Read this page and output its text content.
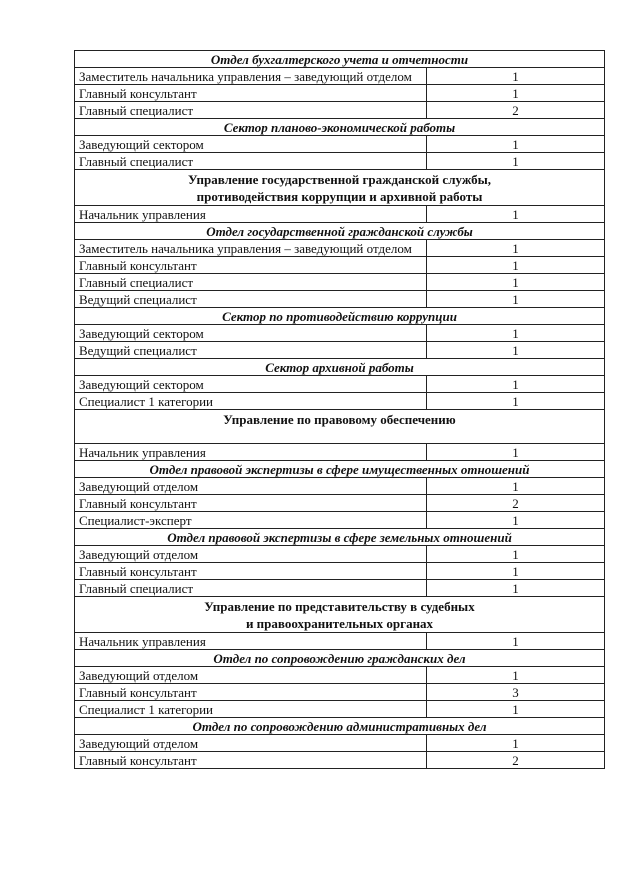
Отдел бухгалтерского учета и отчетности	
Заместитель начальника управления – заведующий отделом	1
Главный консультант	1
Главный специалист	2
Сектор планово-экономической работы	
Заведующий сектором	1
Главный специалист	1

Управление государственной гражданской службы,
противодействия коррупции и архивной работы	

Начальник управления	1
Отдел государственной гражданской службы	
Заместитель начальника управления – заведующий отделом	1
Главный консультант	1
Главный специалист	1
Ведущий специалист	1
Сектор по противодействию коррупции	
Заведующий сектором	1
Ведущий специалист	1
Сектор архивной работы	
Заведующий сектором	1
Специалист 1 категории	1

Управление по правовому обеспечению	

Начальник управления	1
Отдел правовой экспертизы в сфере имущественных отношений	
Заведующий отделом	1
Главный консультант	2
Специалист-эксперт	1
Отдел правовой экспертизы в сфере земельных отношений	
Заведующий отделом	1
Главный консультант	1
Главный специалист	1

Управление по представительству в судебных
и правоохранительных органах	

Начальник управления	1
Отдел по сопровождению гражданских дел	
Заведующий отделом	1
Главный консультант	3
Специалист 1 категории	1
Отдел по сопровождению административных дел	
Заведующий отделом	1
Главный консультант	2
